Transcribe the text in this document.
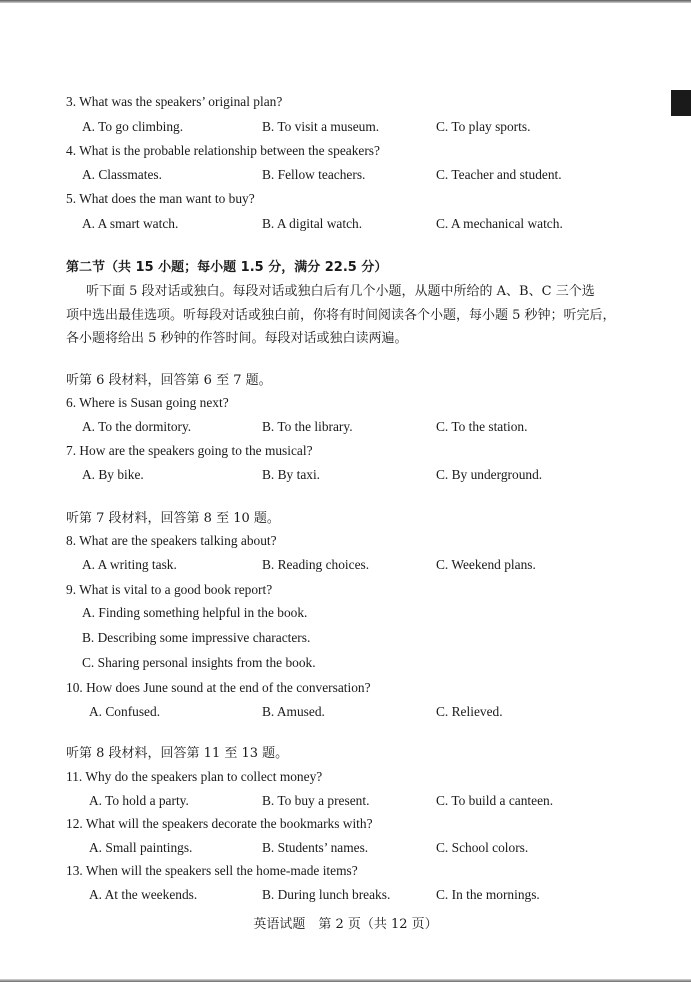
3. What was the speakers’ original plan?
A. To go climbing.	B. To visit a museum.	C. To play sports.
4. What is the probable relationship between the speakers?
A. Classmates.	B. Fellow teachers.	C. Teacher and student.
5. What does the man want to buy?
A. A smart watch.	B. A digital watch.	C. A mechanical watch.
第二节（共 15 小题；每小题 1.5 分，满分 22.5 分）
听下面 5 段对话或独白。每段对话或独白后有几个小题，从题中所给的 A、B、C 三个选
项中选出最佳选项。听每段对话或独白前，你将有时间阅读各个小题，每小题 5 秒钟；听完后，
各小题将给出 5 秒钟的作答时间。每段对话或独白读两遍。
听第 6 段材料，回答第 6 至 7 题。
6. Where is Susan going next?
A. To the dormitory.	B. To the library.	C. To the station.
7. How are the speakers going to the musical?
A. By bike.	B. By taxi.	C. By underground.
听第 7 段材料，回答第 8 至 10 题。
8. What are the speakers talking about?
A. A writing task.	B. Reading choices.	C. Weekend plans.
9. What is vital to a good book report?
A. Finding something helpful in the book.
B. Describing some impressive characters.
C. Sharing personal insights from the book.
10. How does June sound at the end of the conversation?
A. Confused.	B. Amused.	C. Relieved.
听第 8 段材料，回答第 11 至 13 题。
11. Why do the speakers plan to collect money?
A. To hold a party.	B. To buy a present.	C. To build a canteen.
12. What will the speakers decorate the bookmarks with?
A. Small paintings.	B. Students’ names.	C. School colors.
13. When will the speakers sell the home-made items?
A. At the weekends.	B. During lunch breaks.	C. In the mornings.
英语试题　第 2 页（共 12 页）
